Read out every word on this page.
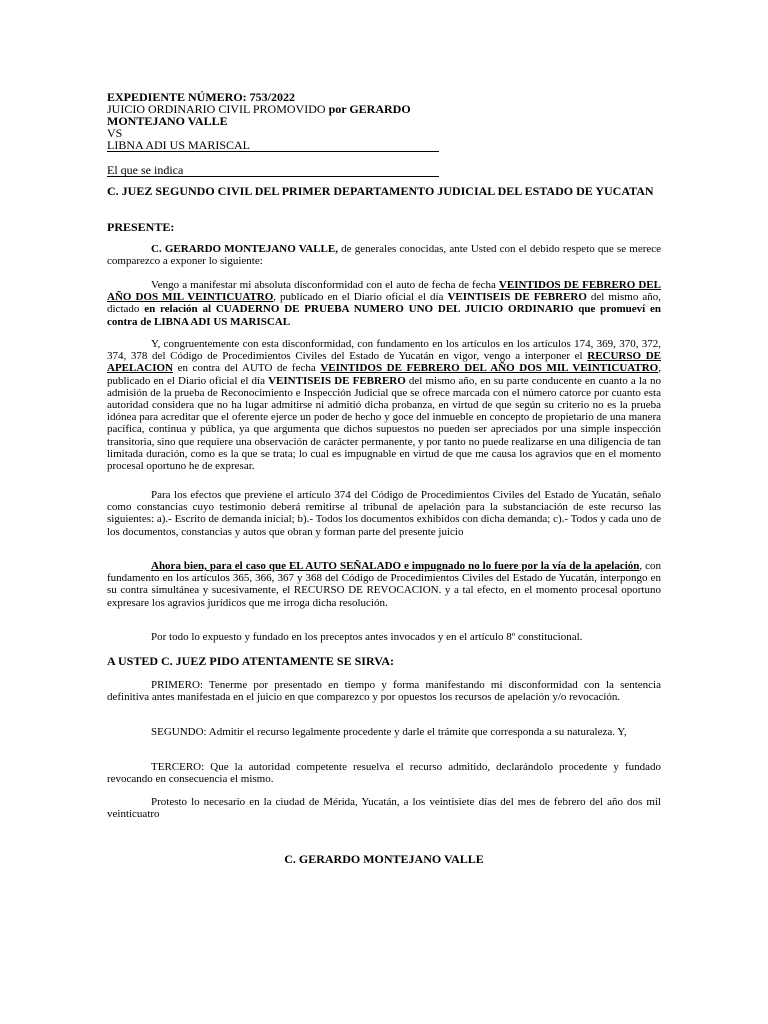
EXPEDIENTE NÚMERO: 753/2022
JUICIO ORDINARIO CIVIL PROMOVIDO por GERARDO MONTEJANO VALLE
VS
LIBNA ADI US MARISCAL
El que se indica

C. JUEZ SEGUNDO CIVIL DEL PRIMER DEPARTAMENTO JUDICIAL DEL ESTADO DE YUCATAN

PRESENTE:

C. GERARDO MONTEJANO VALLE, de generales conocidas, ante Usted con el debido respeto que se merece comparezco a exponer lo siguiente:

Vengo a manifestar mi absoluta disconformidad con el auto de fecha de fecha VEINTIDOS DE FEBRERO DEL AÑO DOS MIL VEINTICUATRO, publicado en el Diario oficial el día VEINTISEIS DE FEBRERO del mismo año, dictado en relación al CUADERNO DE PRUEBA NUMERO UNO DEL JUICIO ORDINARIO que promueví en contra de LIBNA ADI US MARISCAL

Y, congruentemente con esta disconformidad, con fundamento en los artículos en los artículos 174, 369, 370, 372, 374, 378 del Código de Procedimientos Civiles del Estado de Yucatán en vigor, vengo a interponer el RECURSO DE APELACION en contra del AUTO de fecha VEINTIDOS DE FEBRERO DEL AÑO DOS MIL VEINTICUATRO, publicado en el Diario oficial el día VEINTISEIS DE FEBRERO del mismo año, en su parte conducente en cuanto a la no admisión de la prueba de Reconocimiento e Inspección Judicial que se ofrece marcada con el número catorce por cuanto esta autoridad considera que no ha lugar admitirse ni admitió dicha probanza, en virtud de que según su criterio no es la prueba idónea para acreditar que el oferente ejerce un poder de hecho y goce del inmueble en concepto de propietario de una manera pacífica, continua y pública, ya que argumenta que dichos supuestos no pueden ser apreciados por una simple inspección transitoria, sino que requiere una observación de carácter permanente, y por tanto no puede realizarse en una diligencia de tan limitada duración, como es la que se trata; lo cual es impugnable en virtud de que me causa los agravios que en el momento procesal oportuno he de expresar.

Para los efectos que previene el artículo 374 del Código de Procedimientos Civiles del Estado de Yucatán, señalo como constancias cuyo testimonio deberá remitirse al tribunal de apelación para la substanciación de este recurso las siguientes: a).- Escrito de demanda inicial; b).- Todos los documentos exhibidos con dicha demanda; c).- Todos y cada uno de los documentos, constancias y autos que obran y forman parte del presente juicio

Ahora bien, para el caso que EL AUTO SEÑALADO e impugnado no lo fuere por la vía de la apelación, con fundamento en los artículos 365, 366, 367 y 368 del Código de Procedimientos Civiles del Estado de Yucatán, interpongo en su contra simultánea y sucesivamente, el RECURSO DE REVOCACION. y a tal efecto, en el momento procesal oportuno expresare los agravios jurídicos que me irroga dicha resolución.

Por todo lo expuesto y fundado en los preceptos antes invocados y en el artículo 8º constitucional.

A USTED C. JUEZ PIDO ATENTAMENTE SE SIRVA:

PRIMERO: Tenerme por presentado en tiempo y forma manifestando mi disconformidad con la sentencia definitiva antes manifestada en el juicio en que comparezco y por opuestos los recursos de apelación y/o revocación.

SEGUNDO: Admitir el recurso legalmente procedente y darle el trámite que corresponda a su naturaleza. Y,

TERCERO: Que la autoridad competente resuelva el recurso admitido, declarándolo procedente y fundado revocando en consecuencia el mismo.

Protesto lo necesario en la ciudad de Mérida, Yucatán, a los veintisiete días del mes de febrero del año dos mil veinticuatro

C. GERARDO MONTEJANO VALLE
